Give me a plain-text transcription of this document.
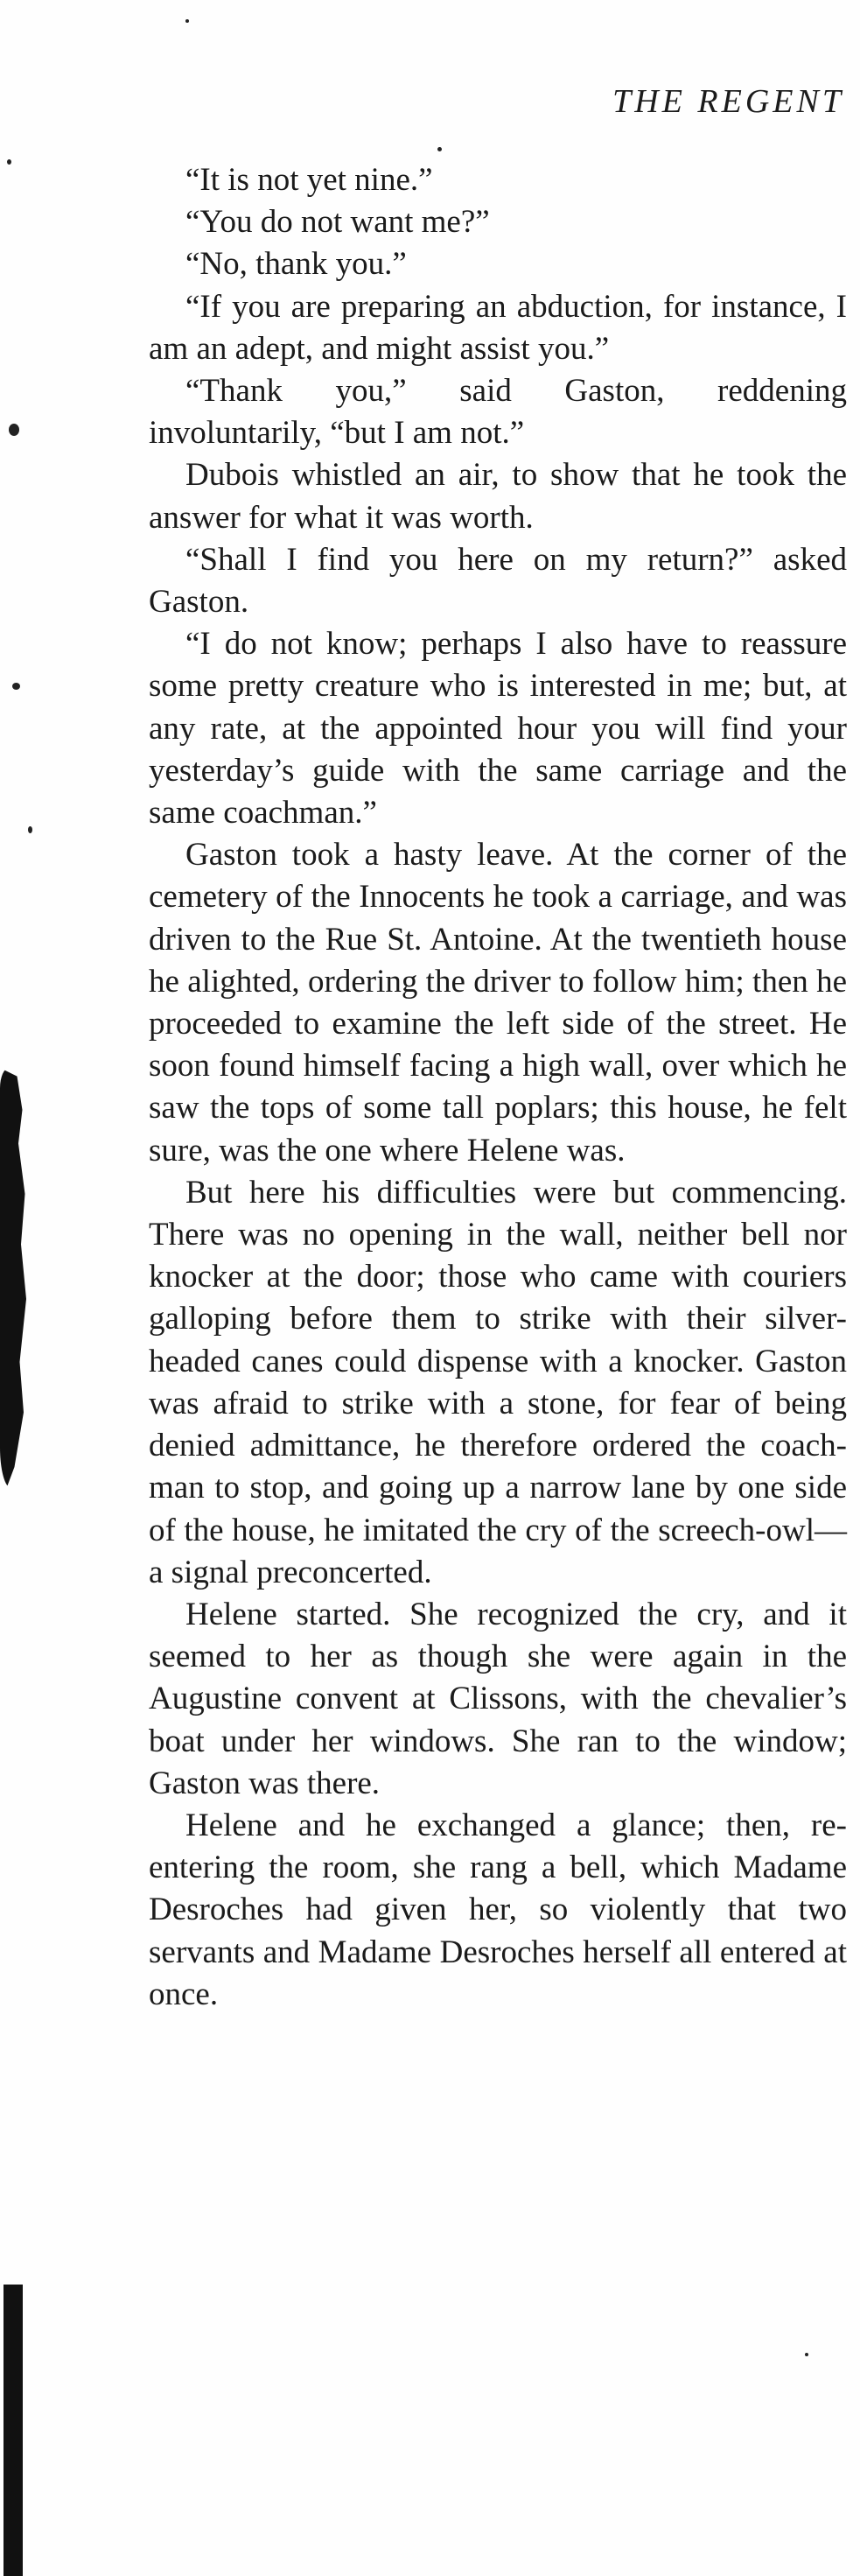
THE REGENT

“It is not yet nine.”

“You do not want me?”

“No, thank you.”

“If you are preparing an abduction, for instance, I am an adept, and might assist you.”

“Thank you,” said Gaston, reddening involuntarily, “but I am not.”

Dubois whistled an air, to show that he took the answer for what it was worth.

“Shall I find you here on my return?” asked Gaston.

“I do not know; perhaps I also have to reassure some pretty creature who is interested in me; but, at any rate, at the appointed hour you will find your yesterday’s guide with the same carriage and the same coachman.”

Gaston took a hasty leave. At the corner of the cemetery of the Innocents he took a carriage, and was driven to the Rue St. Antoine. At the twentieth house he alighted, ordering the driver to follow him; then he proceeded to examine the left side of the street. He soon found himself facing a high wall, over which he saw the tops of some tall poplars; this house, he felt sure, was the one where Helene was.

But here his difficulties were but commencing. There was no opening in the wall, neither bell nor knocker at the door; those who came with couriers galloping before them to strike with their silver-headed canes could dispense with a knocker. Gaston was afraid to strike with a stone, for fear of being denied admittance, he therefore ordered the coachman to stop, and going up a narrow lane by one side of the house, he imitated the cry of the screech-owl—a signal preconcerted.

Helene started. She recognized the cry, and it seemed to her as though she were again in the Augustine convent at Clissons, with the chevalier’s boat under her windows. She ran to the window; Gaston was there.

Helene and he exchanged a glance; then, re-entering the room, she rang a bell, which Madame Desroches had given her, so violently that two servants and Madame Desroches herself all entered at once.
